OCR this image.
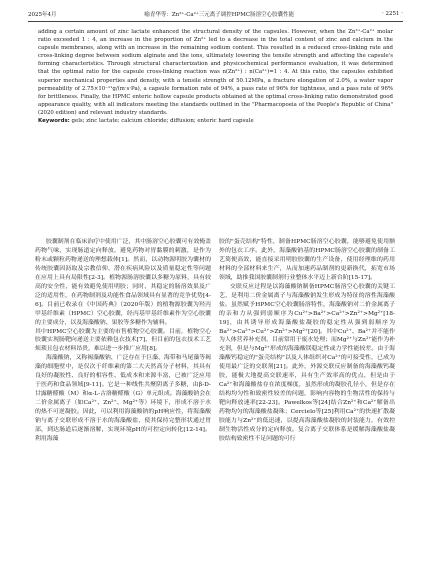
2025年4月	喻青华等：Zn²⁺-Ca²⁺三元离子调控HPMC肠溶空心胶囊性能	· 2251 ·

adding a certain amount of zinc lactate enhanced the structural density of the capsules. However, when the Zn²⁺-Ca²⁺ molar ratio exceeded 1 : 4, an increase in the proportion of Zn²⁺ led to a decrease in the total content of zinc and calcium in the capsule membranes, along with an increase in the remaining sodium content. This resulted in a reduced cross-linking rate and cross-linking degree between sodium alginate and the ions, ultimately lowering the tensile strength and affecting the capsule's forming characteristics. Through structural characterization and physicochemical performance evaluation, it was determined that the optimal ratio for the capsule cross-linking reaction was n(Zn²⁺) : n(Ca²⁺)=1 : 4. At this ratio, the capsules exhibited superior mechanical properties and density, with a tensile strength of 50.12MPa, a fracture elongation of 2.0%, a water vapor permeability of 2.75×10⁻¹¹g/(m·s·Pa), a capsule formation rate of 94%, a pass rate of 96% for tightness, and a pass rate of 96% for brittleness. Finally, the HPMC enteric hollow capsule products obtained at the optimal cross-linking ratio demonstrated good appearance quality, with all indicators meeting the standards outlined in the "Pharmacopoeia of the People's Republic of China" (2020 edition) and relevant industry standards.

Keywords: gels; zinc lactate; calcium chloride; diffusion; enteric hard capsule

胶囊制剂在临床治疗中使用广泛，其中肠溶空心胶囊可有效掩盖药物气味，实现肠道定向释放，避免药物对胃黏膜的刺激，是作为粉末或颗粒药物递送的理想载体[1]。然而，以动物源明胶为囊材的传统胶囊因沥取及宗教信仰、潜在疾病风险以及质量稳定性等问题在应用上具有局限性[2-3]。植物源肠溶胶囊以多糖为原料，具有较高的安全性，能有效避免使用明胶；同时，其稳定的肠溶效果及广泛的适用性，在药物制剂及功能性食品领域具有显著的竞争优势[4-6]。目前已收录在《中国药典》（2020年版）的植物源胶囊为羟丙甲基纤维素（HPMC）空心胶囊，经丙基甲基纤维素作为空心胶囊的主要成分，以及海藻酸钠、果胶等多糖作为辅料。

其中HPMC空心胶囊为主要的市售植物空心胶囊。目前，植物空心胶囊实现肠靶向递送主要依赖包衣技术[7]，但目前的包衣技术工艺烦琐且包衣材料昂贵，难以进一步推广应用[8]。

海藻酸钠，又称褐藻酸钠，广泛存在于巨藻、海带和马尾藻等褐藻的细胞壁中，是仅次于纤维素的第二大天然高分子材料，其具有良好的凝胶性、良好的相容性、低成本和来源丰富，已被广泛应用于医药和食品领域[9-11]。它是一种线性共聚阴离子多糖，由β-D-甘露糖醛酸（M）和α-L-古洛糖醛酸（G）单元组成。海藻酸钠会在二价金属离子（如Ca²⁺、Zn²⁺、Mg²⁺等）环境下，形成不溶于水的热不可逆凝胶。因此，可以利用海藻酸钠的pH响应性，将海藻酸钠与离子交联形成不溶于水的海藻酸盐，使其保持完整形状通过胃部，到达肠道后逐渐溶解，实现环境pH的可控定向转化[12-14]。利用海藻

胶的"蛋壳结构"特性，制备HPMC肠溶空心胶囊，能够避免使用额外的包衣工序。此外，海藻酸钠基的HPMC肠溶空心胶囊的制备工艺简便高效，能直接采用明胶胶囊的生产设备，使用经理维的药用材料的全部材料来生产，从而加速药品制剂的更新换代，拓宽市场领域，助推我国胶囊制剂行业整体水平迈上新台阶[15-17]。

交联反应过程是以海藻酸钠制备HPMC肠溶空心胶囊的关键工艺，是利用二价金属离子与海藻酸钠发生形成为特征的溶性海藻酸盐。虽然赋予HPMC空心胶囊肠溶特性，海藻酸钠对二价金属离子的亲和力从强到弱顺序为Cu²⁺>Ba²⁺>Ca²⁺>Zn²⁺>Mg²⁺[18-19]，由其诱导形成海藻酸盐凝胶的稳定性从强到弱顺序为Ba²⁺>Ca²⁺>Cu²⁺>Zn²⁺>Mg²⁺[20]。其中Cu²⁺、Ba²⁺并不能作为人体营养补充剂，目前常用于废水处理；而Mg²⁺与Zn²⁺能作为补充剂，但是与Mg²⁺形成的海藻酸镁稳定性或力学性能较差。由于海藻酸钙稳定的"蛋壳结构"以及人体组织对Ca²⁺的可接受性，已成为使用最广泛的交联剂[21]。此外，外源交联反应制备的海藻酸钙凝胶，能极大地提高交联速率，具有生产效率高的优点，但是由于Ca²⁺和海藻酸盐存在浓度梯度，虽然形成的凝胶孔径小，但是存在结构均匀性和致密性较差的问题，影响内容物的生物活性的保持与靶向释放速率[22-23]。Pawelkos等[24]结合Zn²⁺和Ca²⁺解备出药物均匀的海藻酸盐凝珠；Cercielo等[25]利用Ca²⁺的快速扩散凝胶能力与Zn²⁺的低迅速，以提高海藻酸盐凝胶的封装能力，有效控制生物活性成分的定向释放。复合离子交联体系是缓解海藻酸盐凝胶结构致密性不足问题的可行
